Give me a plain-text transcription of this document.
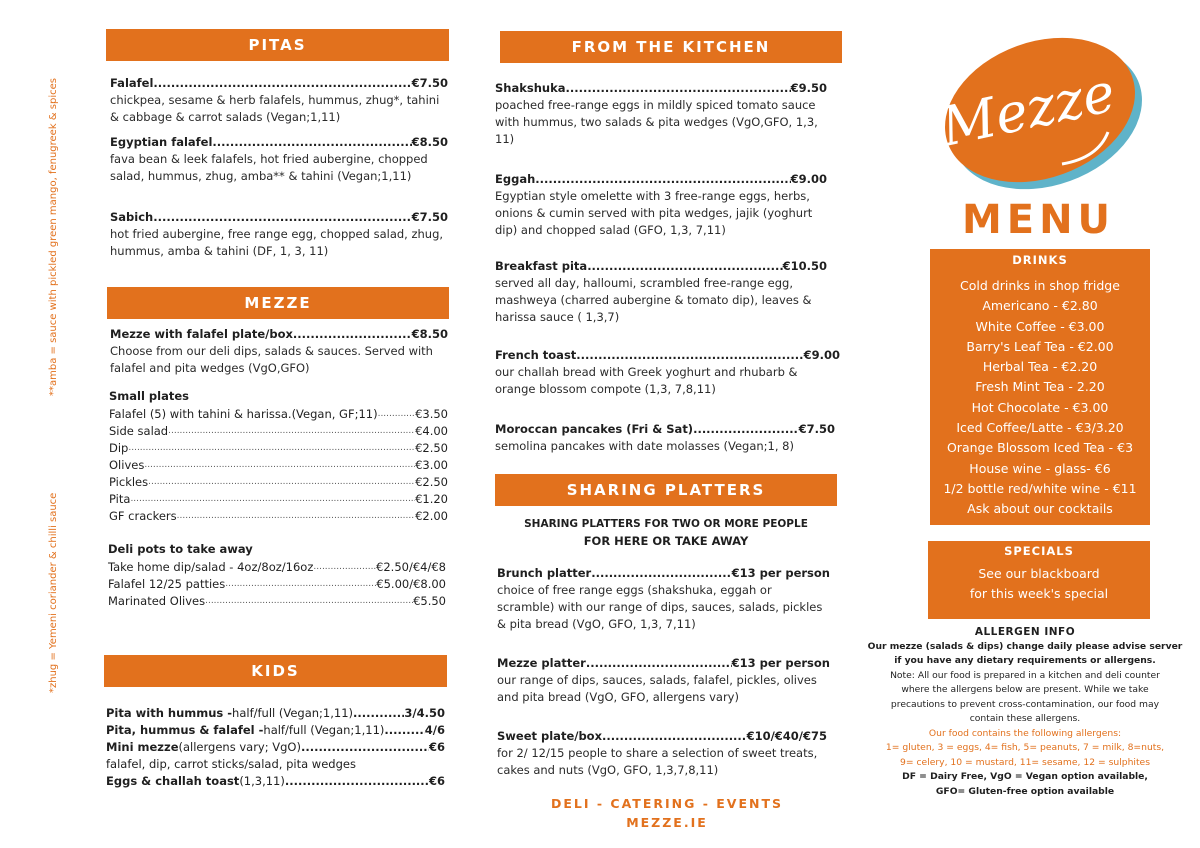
**amba = sauce with pickled green mango, fenugreek & spices
*zhug = Yemeni coriander & chilli sauce
PITAS
Falafel .....	€7.50
chickpea, sesame & herb falafels, hummus, zhug*, tahini & cabbage & carrot salads (Vegan;1,11)
Egyptian falafel .....	€8.50
fava bean & leek falafels, hot fried aubergine, chopped salad, hummus, zhug, amba** & tahini (Vegan;1,11)
Sabich .....	€7.50
hot fried aubergine, free range egg, chopped salad, zhug, hummus, amba & tahini (DF, 1, 3, 11)
MEZZE
Mezze with falafel plate/box .....	€8.50
Choose from our deli dips, salads & sauces. Served with falafel and pita wedges (VgO,GFO)
Small plates
Falafel (5) with tahini & harissa.(Vegan, GF;11) .....	€3.50
Side salad .....	€4.00
Dip .....	€2.50
Olives .....	€3.00
Pickles .....	€2.50
Pita .....	€1.20
GF crackers .....	€2.00
Deli pots to take away
Take home dip/salad - 4oz/8oz/16oz .....	€2.50/€4/€8
Falafel 12/25 patties .....	€5.00/€8.00
Marinated Olives .....	€5.50
KIDS
Pita with hummus - half/full (Vegan;1,11) .....	3/4.50
Pita, hummus & falafel - half/full (Vegan;1,11) .....	4/6
Mini mezze (allergens vary; VgO) .....	€6
falafel, dip, carrot sticks/salad, pita wedges
Eggs & challah toast (1,3,11) .....	€6
FROM THE KITCHEN
Shakshuka .....	€9.50
poached free-range eggs in mildly spiced tomato sauce with hummus, two salads & pita wedges (VgO,GFO, 1,3, 11)
Eggah .....	€9.00
Egyptian style omelette with 3 free-range eggs, herbs, onions & cumin served with pita wedges, jajik (yoghurt dip) and chopped salad (GFO, 1,3, 7,11)
Breakfast pita .....	€10.50
served all day, halloumi, scrambled free-range egg, mashweya (charred aubergine & tomato dip), leaves & harissa sauce ( 1,3,7)
French toast .....	€9.00
our challah bread with Greek yoghurt and rhubarb & orange blossom compote (1,3, 7,8,11)
Moroccan pancakes (Fri & Sat) .....	€7.50
semolina pancakes with date molasses (Vegan;1, 8)
SHARING PLATTERS
SHARING PLATTERS FOR TWO OR MORE PEOPLE
FOR HERE OR TAKE AWAY
Brunch platter .....	€13 per person
choice of free range eggs (shakshuka, eggah or scramble) with our range of dips, sauces, salads, pickles & pita bread (VgO, GFO, 1,3, 7,11)
Mezze platter .....	€13 per person
our range of dips, sauces, salads, falafel, pickles, olives and pita bread (VgO, GFO, allergens vary)
Sweet plate/box .....	€10/€40/€75
for 2/ 12/15 people to share a selection of sweet treats, cakes and nuts (VgO, GFO, 1,3,7,8,11)
DELI - CATERING - EVENTS
MEZZE.IE
Mezze
MENU
DRINKS
Cold drinks in shop fridge
Americano - €2.80
White Coffee - €3.00
Barry's Leaf Tea - €2.00
Herbal Tea - €2.20
Fresh Mint Tea - 2.20
Hot Chocolate - €3.00
Iced Coffee/Latte - €3/3.20
Orange Blossom Iced Tea - €3
House wine - glass- €6
1/2 bottle red/white wine - €11
Ask about our cocktails
SPECIALS
See our blackboard
for this week's special
ALLERGEN INFO
Our mezze (salads & dips) change daily please advise server
if you have any dietary requirements or allergens.
Note: All our food is prepared in a kitchen and deli counter
where the allergens below are present. While we take
precautions to prevent cross-contamination, our food may
contain these allergens.
Our food contains the following allergens:
1= gluten, 3 = eggs, 4= fish, 5= peanuts, 7 = milk, 8=nuts,
9= celery, 10 = mustard, 11= sesame, 12 = sulphites
DF = Dairy Free, VgO = Vegan option available,
GFO= Gluten-free option available
